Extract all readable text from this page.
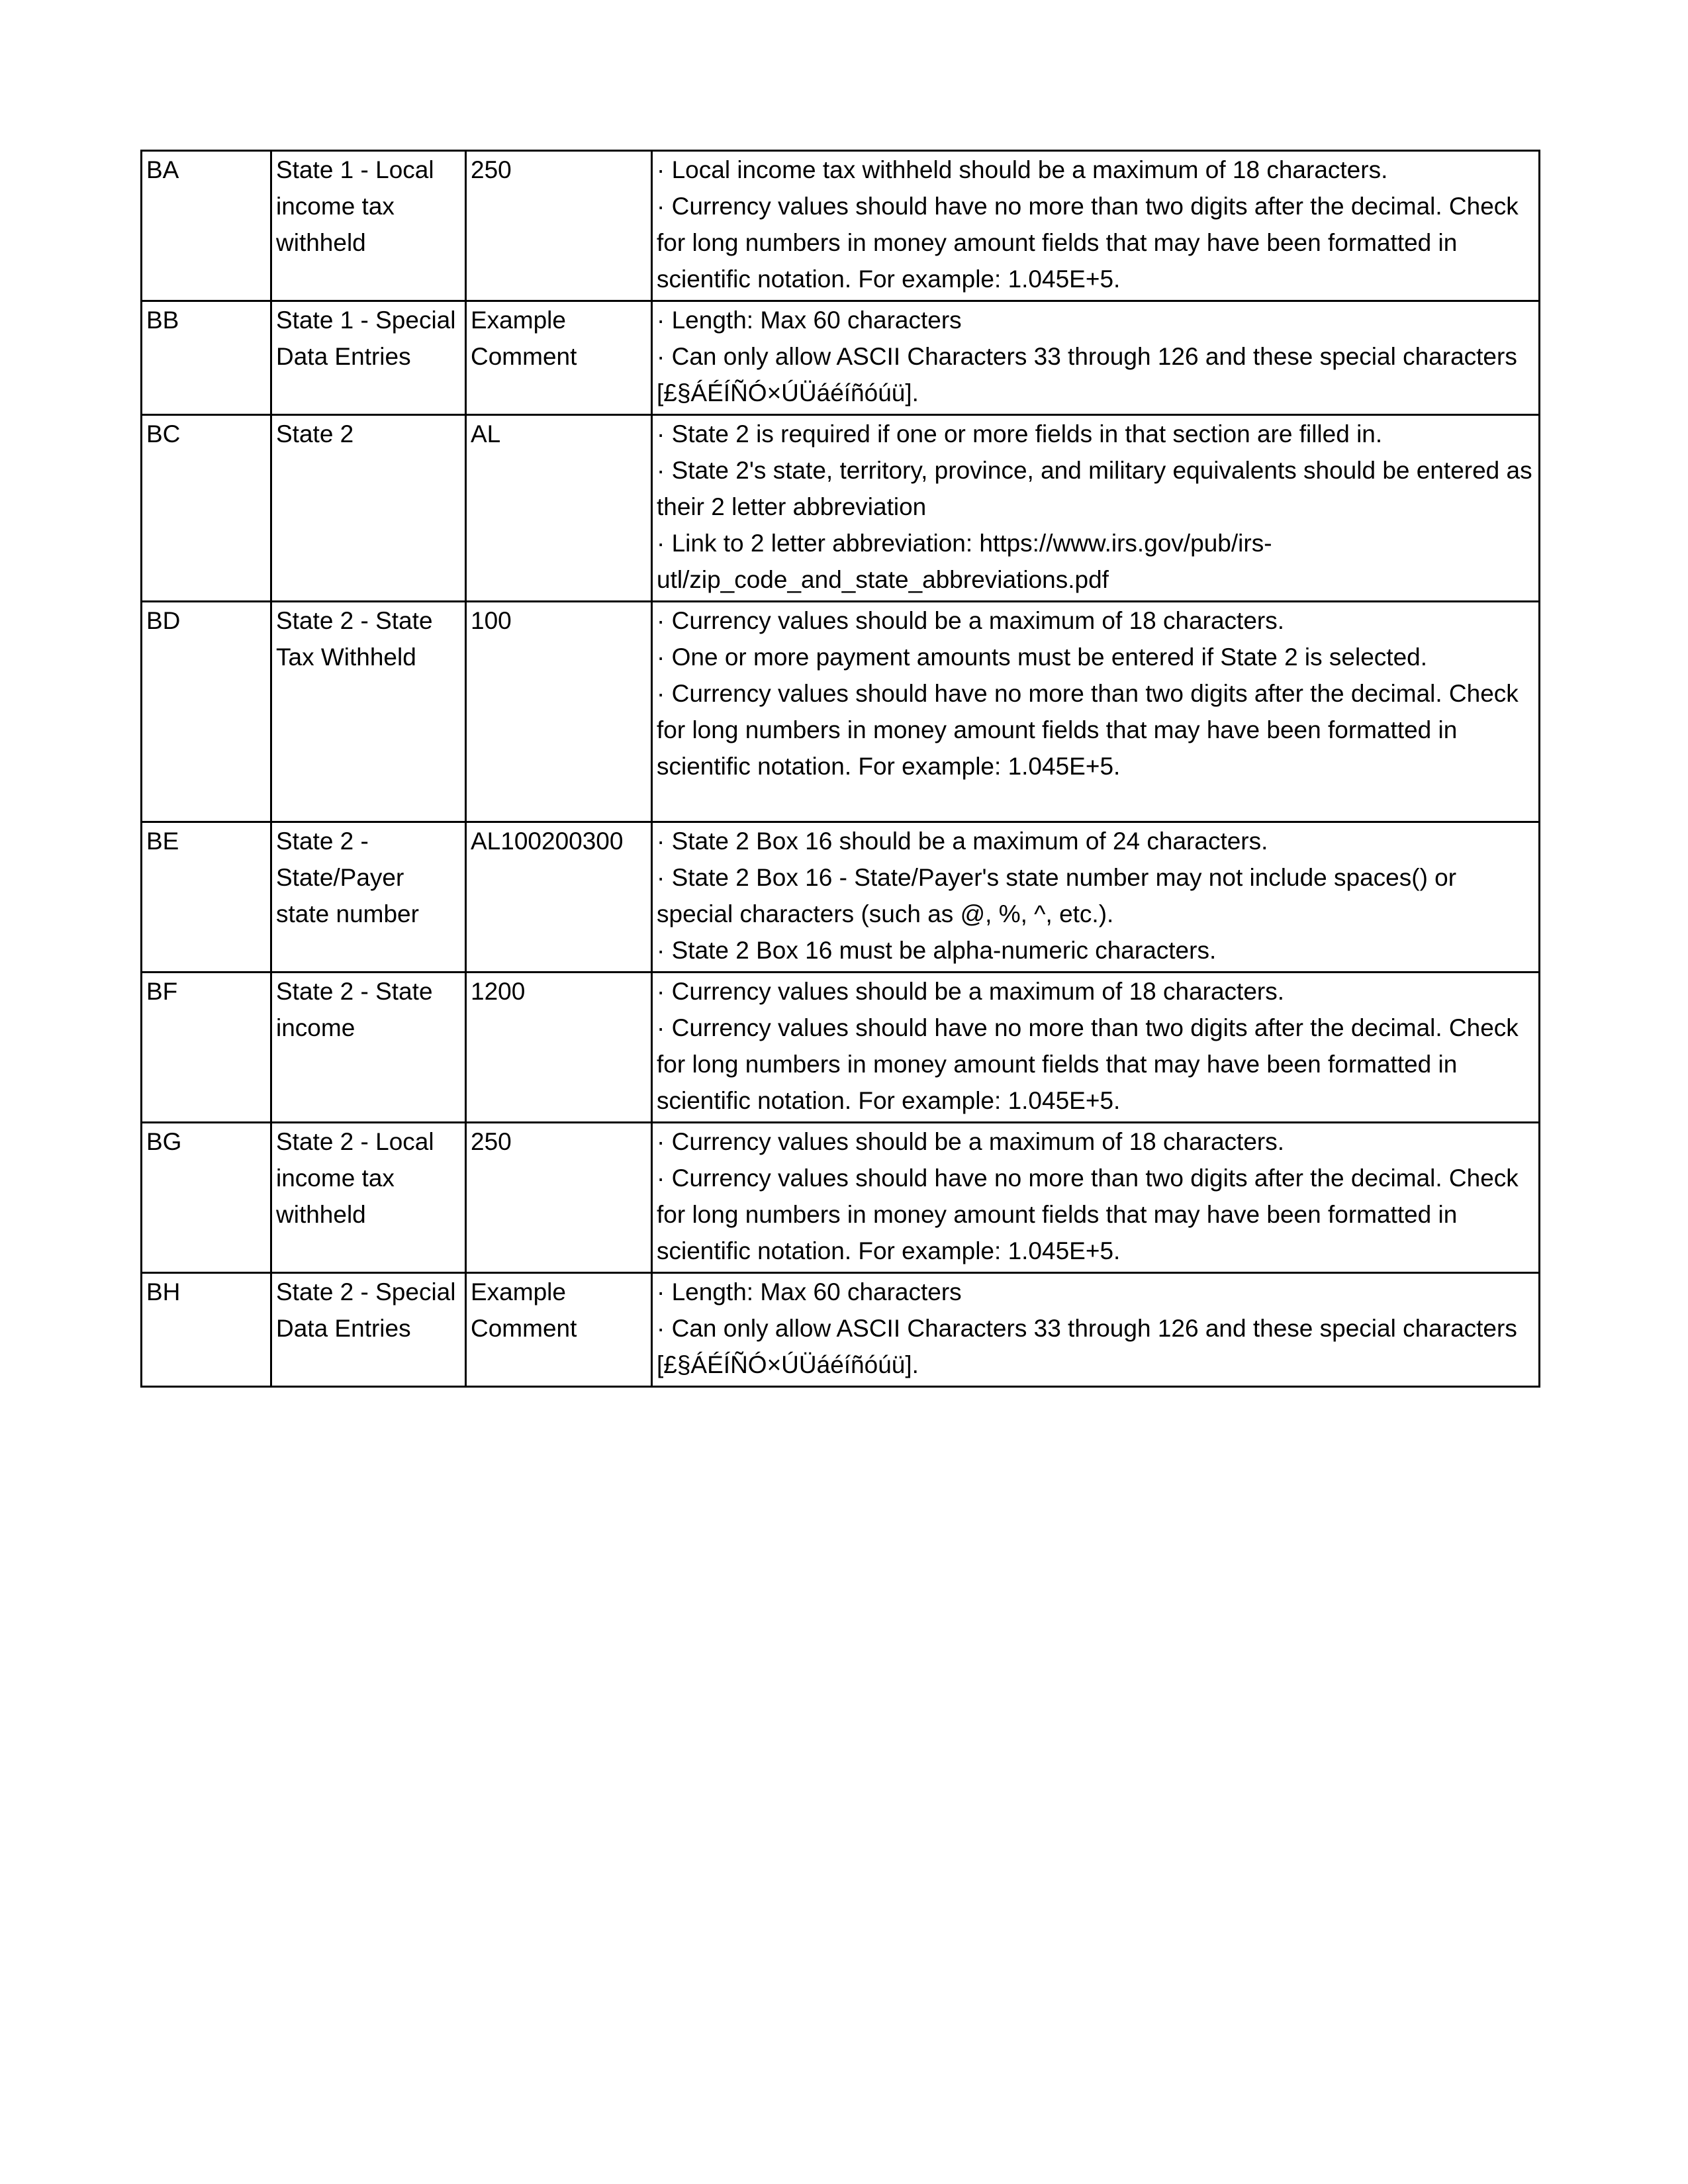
BA	State 1 - Local income tax withheld	250	· Local income tax withheld should be a maximum of 18 characters.
· Currency values should have no more than two digits after the decimal. Check for long numbers in money amount fields that may have been formatted in scientific notation. For example: 1.045E+5.

BB	State 1 - Special Data Entries	Example Comment	· Length: Max 60 characters
· Can only allow ASCII Characters 33 through 126 and these special characters [£§ÁÉÍÑÓ×ÚÜáéíñóúü].

BC	State 2	AL	· State 2 is required if one or more fields in that section are filled in.
· State 2's state, territory, province, and military equivalents should be entered as their 2 letter abbreviation
· Link to 2 letter abbreviation: https://www.irs.gov/pub/irs-utl/zip_code_and_state_abbreviations.pdf

BD	State 2 - State Tax Withheld	100	· Currency values should be a maximum of 18 characters.
· One or more payment amounts must be entered if State 2 is selected.
· Currency values should have no more than two digits after the decimal. Check for long numbers in money amount fields that may have been formatted in scientific notation. For example: 1.045E+5.

BE	State 2 - State/Payer state number	AL100200300	· State 2 Box 16 should be a maximum of 24 characters.
· State 2 Box 16 - State/Payer's state number may not include spaces() or special characters (such as @, %, ^, etc.).
· State 2 Box 16 must be alpha-numeric characters.

BF	State 2 - State income	1200	· Currency values should be a maximum of 18 characters.
· Currency values should have no more than two digits after the decimal. Check for long numbers in money amount fields that may have been formatted in scientific notation. For example: 1.045E+5.

BG	State 2 - Local income tax withheld	250	· Currency values should be a maximum of 18 characters.
· Currency values should have no more than two digits after the decimal. Check for long numbers in money amount fields that may have been formatted in scientific notation. For example: 1.045E+5.

BH	State 2 - Special Data Entries	Example Comment	· Length: Max 60 characters
· Can only allow ASCII Characters 33 through 126 and these special characters [£§ÁÉÍÑÓ×ÚÜáéíñóúü].
